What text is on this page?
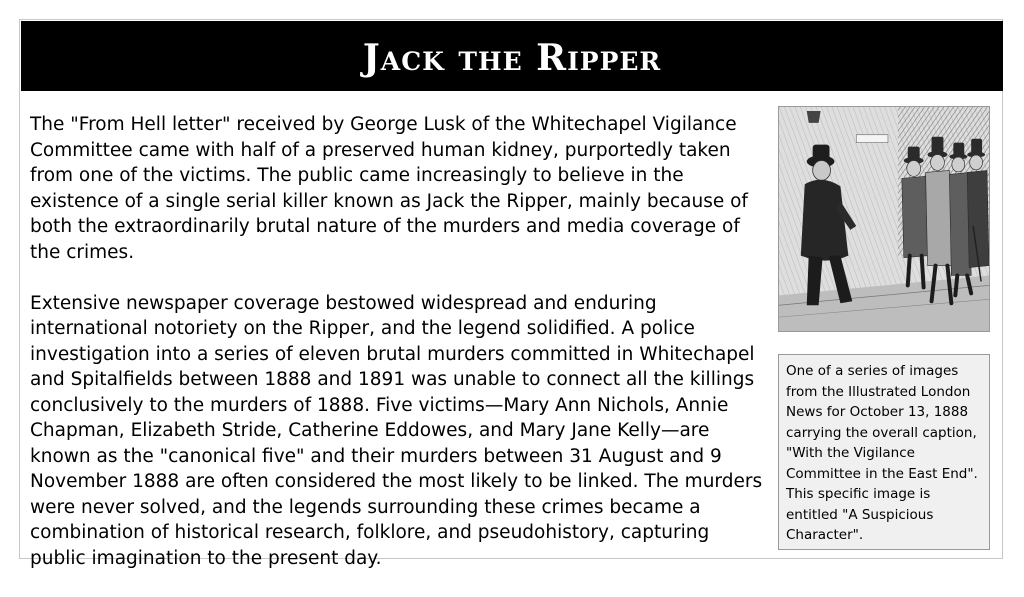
Jack the Ripper

The "From Hell letter" received by George Lusk of the Whitechapel Vigilance Committee came with half of a preserved human kidney, purportedly taken from one of the victims. The public came increasingly to believe in the existence of a single serial killer known as Jack the Ripper, mainly because of both the extraordinarily brutal nature of the murders and media coverage of the crimes.

Extensive newspaper coverage bestowed widespread and enduring international notoriety on the Ripper, and the legend solidified. A police investigation into a series of eleven brutal murders committed in Whitechapel and Spitalfields between 1888 and 1891 was unable to connect all the killings conclusively to the murders of 1888. Five victims—Mary Ann Nichols, Annie Chapman, Elizabeth Stride, Catherine Eddowes, and Mary Jane Kelly—are known as the "canonical five" and their murders between 31 August and 9 November 1888 are often considered the most likely to be linked. The murders were never solved, and the legends surrounding these crimes became a combination of historical research, folklore, and pseudohistory, capturing public imagination to the present day.

One of a series of images from the Illustrated London News for October 13, 1888 carrying the overall caption, "With the Vigilance Committee in the East End". This specific image is entitled "A Suspicious Character".
